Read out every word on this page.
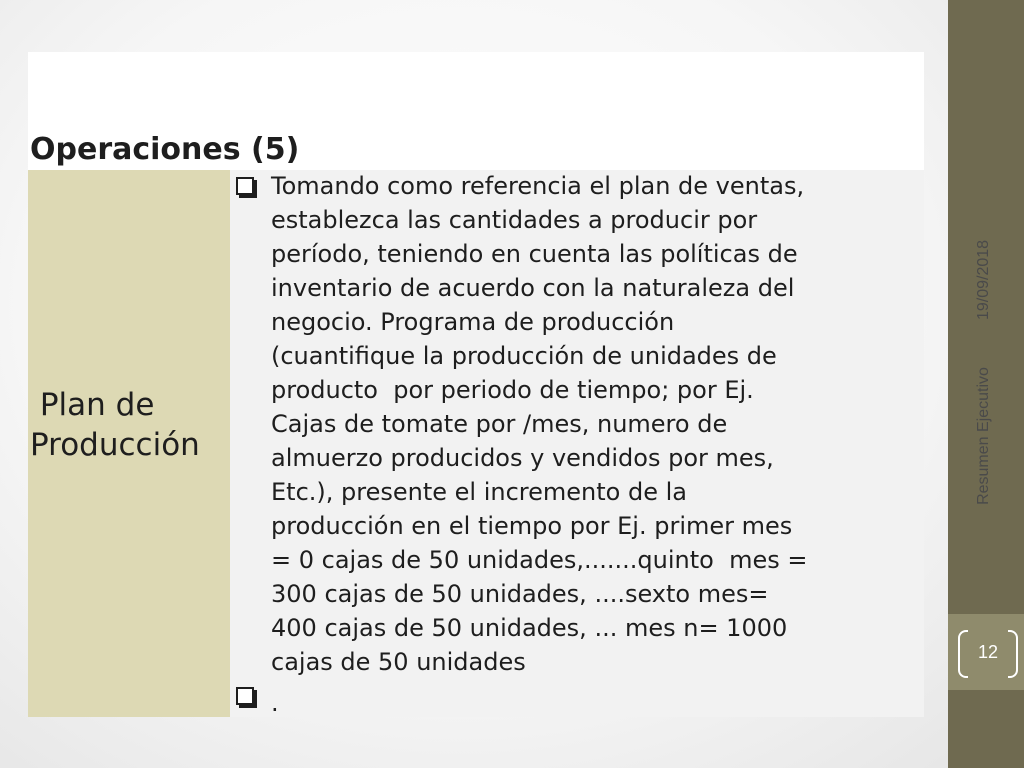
Operaciones (5)
Plan de
Producción

Tomando como referencia el plan de ventas,
establezca las cantidades a producir por
período, teniendo en cuenta las políticas de
inventario de acuerdo con la naturaleza del
negocio. Programa de producción
(cuantifique la producción de unidades de
producto  por periodo de tiempo; por Ej.
Cajas de tomate por /mes, numero de
almuerzo producidos y vendidos por mes,
Etc.), presente el incremento de la
producción en el tiempo por Ej. primer mes
= 0 cajas de 50 unidades,.......quinto  mes =
300 cajas de 50 unidades, ....sexto mes=
400 cajas de 50 unidades, ... mes n= 1000
cajas de 50 unidades

.
19/09/2018
Resumen Ejecutivo
12
